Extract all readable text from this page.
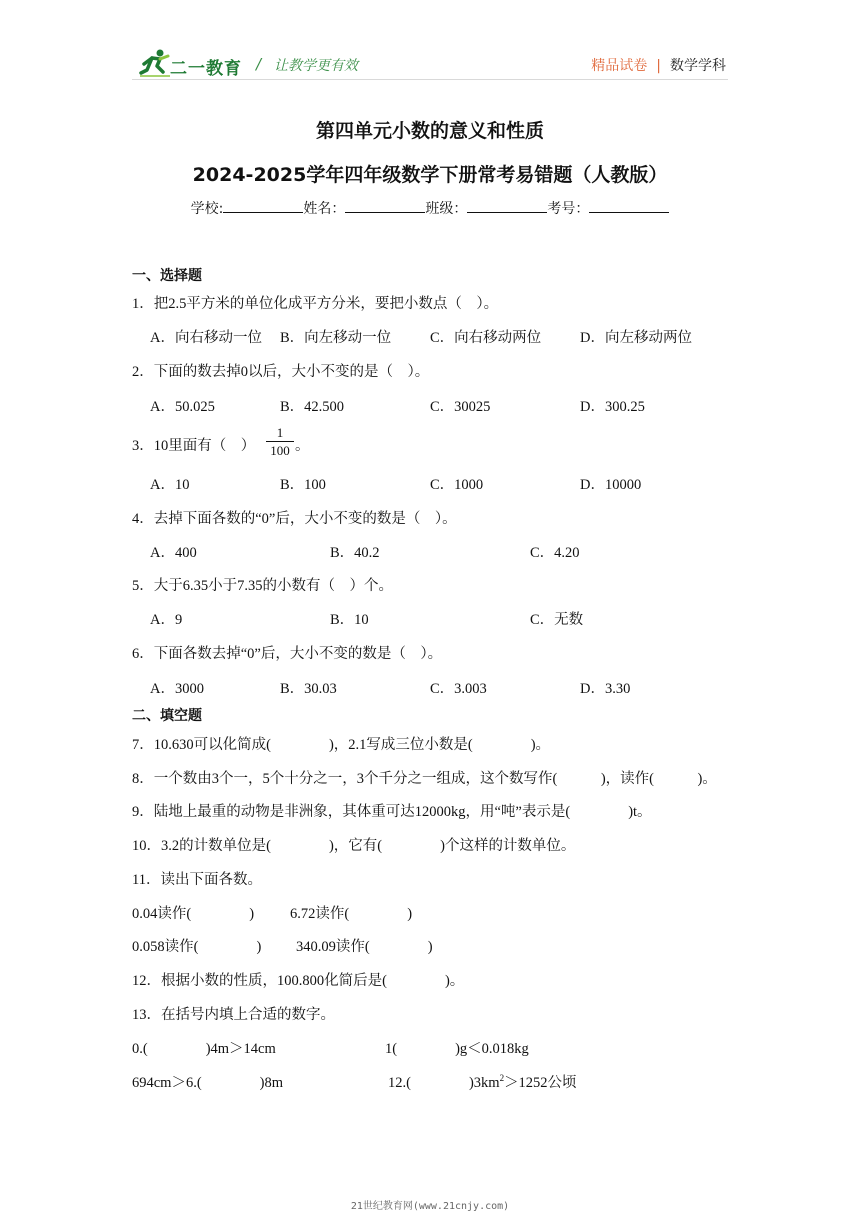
二一教育 / 让教学更有效	精品试卷 | 数学学科
第四单元小数的意义和性质
2024-2025学年四年级数学下册常考易错题（人教版）
学校:	姓名：	班级：	考号：
一、选择题
1．把2.5平方米的单位化成平方分米，要把小数点（　）。
A．向右移动一位 B．向左移动一位	C．向右移动两位	D．向左移动两位
2．下面的数去掉0以后，大小不变的是（　）。
A．50.025	B．42.500	C．30025	D．300.25
3．10里面有（　） $\frac{1}{100}$ 。
A．10	B．100	C．1000	D．10000
4．去掉下面各数的“0”后，大小不变的数是（　）。
A．400	B．40.2	C．4.20
5．大于6.35小于7.35的小数有（　）个。
A．9	B．10	C．无数
6．下面各数去掉“0”后，大小不变的数是（　）。
A．3000	B．30.03	C．3.003	D．3.30
二、填空题
7．10.630可以化简成(　　　　)，2.1写成三位小数是(　　　　)。
8．一个数由3个一，5个十分之一，3个千分之一组成，这个数写作(　　　)，读作(　　　)。
9．陆地上最重的动物是非洲象，其体重可达12000kg，用“吨”表示是(　　　　)t。
10．3.2的计数单位是(　　　　)，它有(　　　　)个这样的计数单位。
11．读出下面各数。
0.04读作(　　　　) 6.72读作(　　　　)
0.058读作(　　　　) 340.09读作(　　　　)
12．根据小数的性质，100.800化简后是(　　　　)。
13．在括号内填上合适的数字。
0.(　　　　)4m＞14cm	1(　　　　)g＜0.018kg
694cm＞6.(　　　　)8m	12.(　　　　)$3km^2>1252$公顷
21世纪教育网(www.21cnjy.com)
